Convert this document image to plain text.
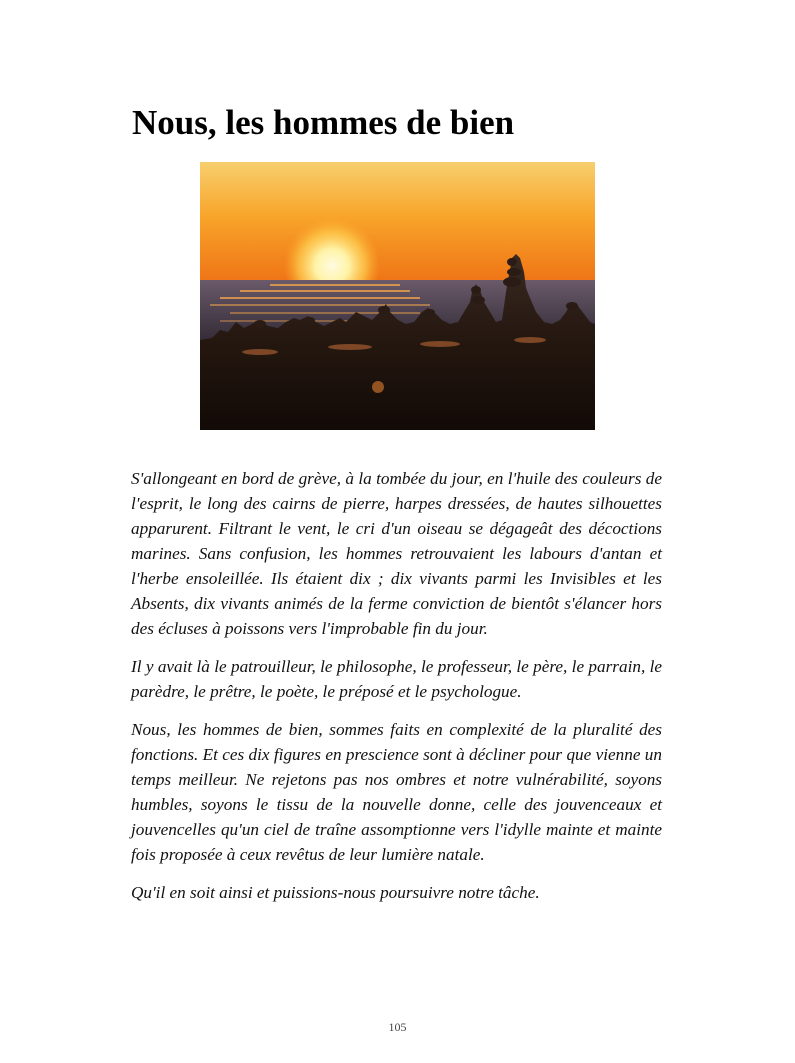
Nous, les hommes de bien

S'allongeant en bord de grève, à la tombée du jour, en l'huile des couleurs de l'esprit, le long des cairns de pierre, harpes dressées, de hautes silhouettes apparurent. Filtrant le vent, le cri d'un oiseau se dégageât des décoctions marines. Sans confusion, les hommes retrouvaient les labours d'antan et l'herbe ensoleillée. Ils étaient dix ; dix vivants parmi les Invisibles et les Absents, dix vivants animés de la ferme conviction de bientôt s'élancer hors des écluses à poissons vers l'improbable fin du jour.

Il y avait là le patrouilleur, le philosophe, le professeur, le père, le parrain, le parèdre, le prêtre, le poète, le préposé et le psychologue.

Nous, les hommes de bien, sommes faits en complexité de la pluralité des fonctions. Et ces dix figures en prescience sont à décliner pour que vienne un temps meilleur. Ne rejetons pas nos ombres et notre vulnérabilité, soyons humbles, soyons le tissu de la nouvelle donne, celle des jouvenceaux et jouvencelles qu'un ciel de traîne assomptionne vers l'idylle mainte et mainte fois proposée à ceux revêtus de leur lumière natale.

Qu'il en soit ainsi et puissions-nous poursuivre notre tâche.

105
